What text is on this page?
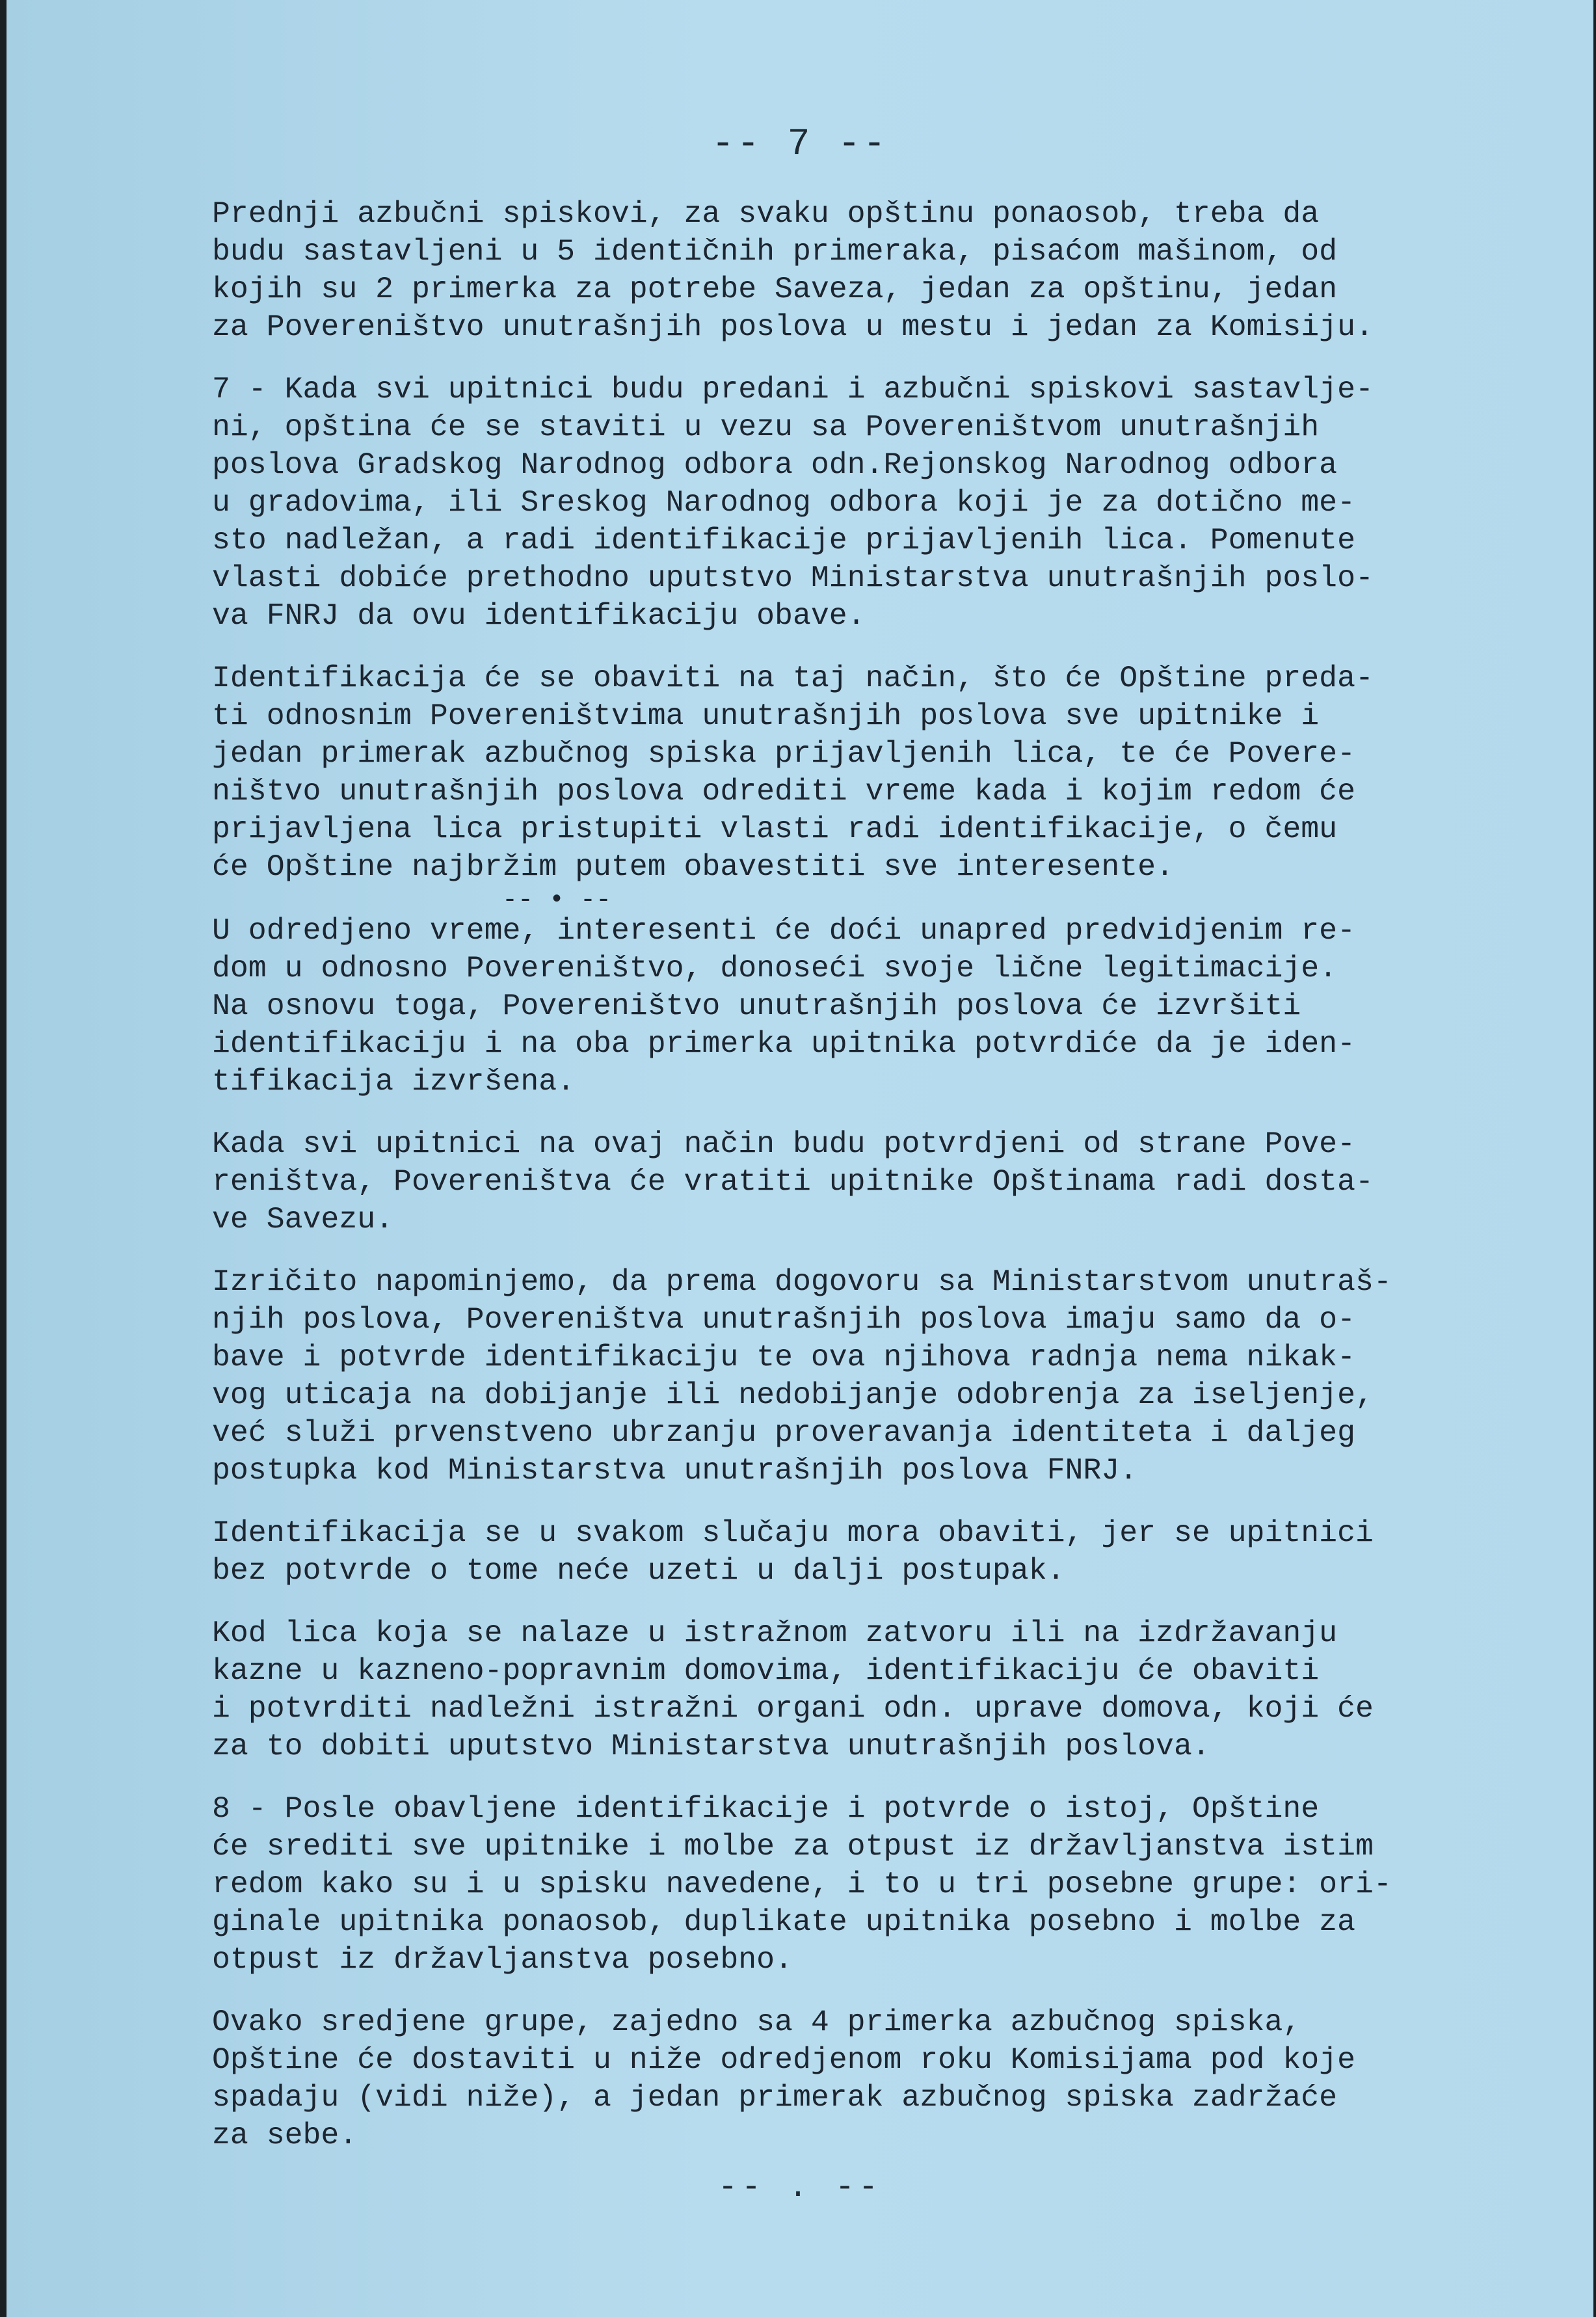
-- 7 --
Prednji azbučni spiskovi, za svaku opštinu ponaosob, treba da
budu sastavljeni u 5 identičnih primeraka, pisaćom mašinom, od
kojih su 2 primerka za potrebe Saveza, jedan za opštinu, jedan
za Povereništvo unutrašnjih poslova u mestu i jedan za Komisiju.
7 - Kada svi upitnici budu predani i azbučni spiskovi sastavlje-
ni, opština će se staviti u vezu sa Povereništvom unutrašnjih
poslova Gradskog Narodnog odbora odn.Rejonskog Narodnog odbora
u gradovima, ili Sreskog Narodnog odbora koji je za dotično me-
sto nadležan, a radi identifikacije prijavljenih lica. Pomenute
vlasti dobiće prethodno uputstvo Ministarstva unutrašnjih poslo-
va FNRJ da ovu identifikaciju obave.
Identifikacija će se obaviti na taj način, što će Opštine preda-
ti odnosnim Povereništvima unutrašnjih poslova sve upitnike i
jedan primerak azbučnog spiska prijavljenih lica, te će Povere-
ništvo unutrašnjih poslova odrediti vreme kada i kojim redom će
prijavljena lica pristupiti vlasti radi identifikacije, o čemu
će Opštine najbržim putem obavestiti sve interesente.
-- • --
U odredjeno vreme, interesenti će doći unapred predvidjenim re-
dom u odnosno Povereništvo, donoseći svoje lične legitimacije.
Na osnovu toga, Povereništvo unutrašnjih poslova će izvršiti
identifikaciju i na oba primerka upitnika potvrdiće da je iden-
tifikacija izvršena.
Kada svi upitnici na ovaj način budu potvrdjeni od strane Pove-
reništva, Povereništva će vratiti upitnike Opštinama radi dosta-
ve Savezu.
Izričito napominjemo, da prema dogovoru sa Ministarstvom unutraš-
njih poslova, Povereništva unutrašnjih poslova imaju samo da o-
bave i potvrde identifikaciju te ova njihova radnja nema nikak-
vog uticaja na dobijanje ili nedobijanje odobrenja za iseljenje,
već služi prvenstveno ubrzanju proveravanja identiteta i daljeg
postupka kod Ministarstva unutrašnjih poslova FNRJ.
Identifikacija se u svakom slučaju mora obaviti, jer se upitnici
bez potvrde o tome neće uzeti u dalji postupak.
Kod lica koja se nalaze u istražnom zatvoru ili na izdržavanju
kazne u kazneno-popravnim domovima, identifikaciju će obaviti
i potvrditi nadležni istražni organi odn. uprave domova, koji će
za to dobiti uputstvo Ministarstva unutrašnjih poslova.
8 - Posle obavljene identifikacije i potvrde o istoj, Opštine
će srediti sve upitnike i molbe za otpust iz državljanstva istim
redom kako su i u spisku navedene, i to u tri posebne grupe: ori-
ginale upitnika ponaosob, duplikate upitnika posebno i molbe za
otpust iz državljanstva posebno.
Ovako sredjene grupe, zajedno sa 4 primerka azbučnog spiska,
Opštine će dostaviti u niže odredjenom roku Komisijama pod koje
spadaju (vidi niže), a jedan primerak azbučnog spiska zadržaće
za sebe.
-- . --
